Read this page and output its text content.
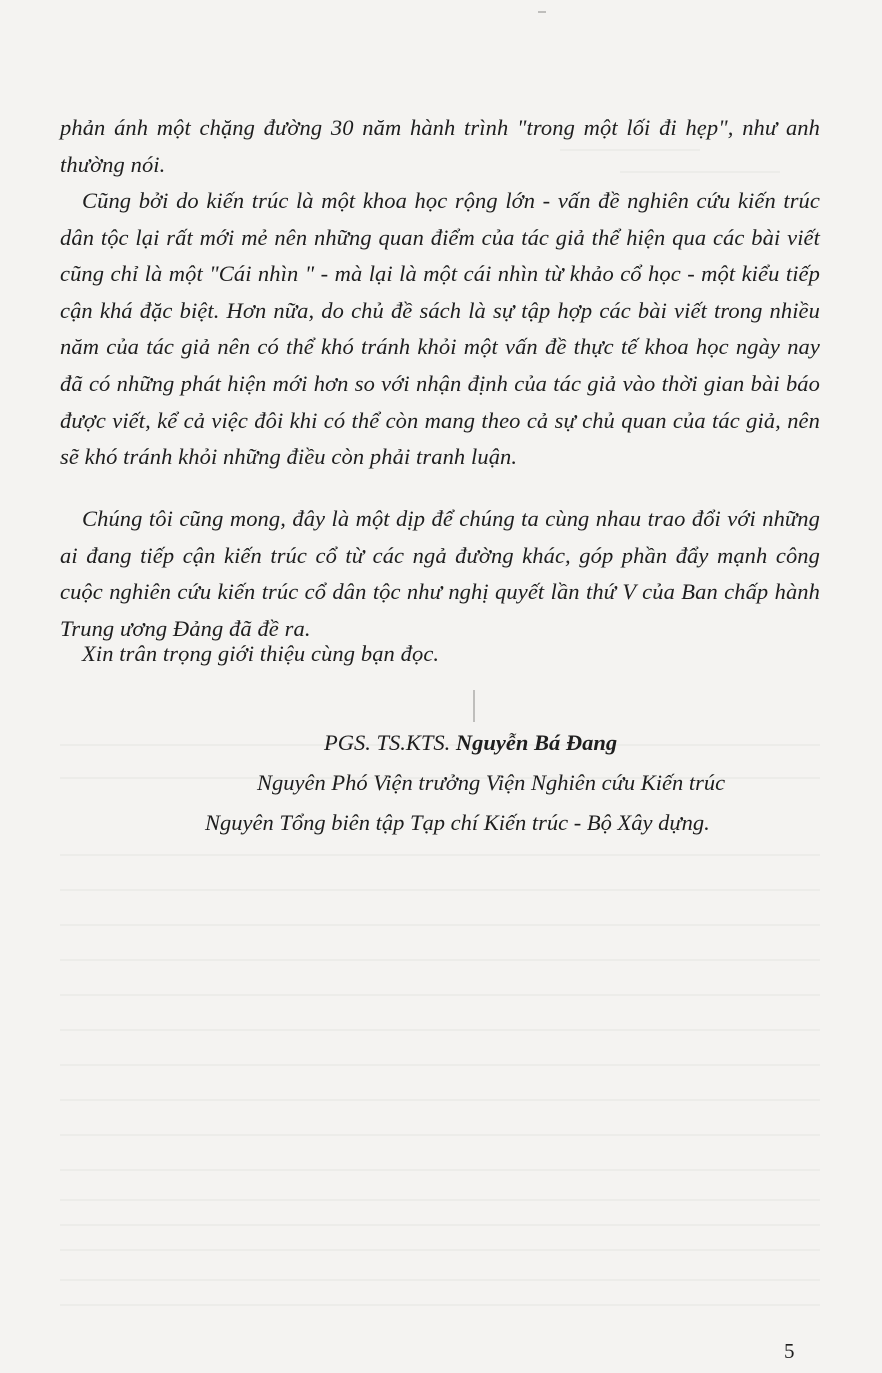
phản ánh một chặng đường 30 năm hành trình "trong một lối đi hẹp", như anh thường nói.

Cũng bởi do kiến trúc là một khoa học rộng lớn - vấn đề nghiên cứu kiến trúc dân tộc lại rất mới mẻ nên những quan điểm của tác giả thể hiện qua các bài viết cũng chỉ là một "Cái nhìn " - mà lại là một cái nhìn từ khảo cổ học - một kiểu tiếp cận khá đặc biệt. Hơn nữa, do chủ đề sách là sự tập hợp các bài viết trong nhiều năm của tác giả nên có thể khó tránh khỏi một vấn đề thực tế khoa học ngày nay đã có những phát hiện mới hơn so với nhận định của tác giả vào thời gian bài báo được viết, kể cả việc đôi khi có thể còn mang theo cả sự chủ quan của tác giả, nên sẽ khó tránh khỏi những điều còn phải tranh luận.

Chúng tôi cũng mong, đây là một dịp để chúng ta cùng nhau trao đổi với những ai đang tiếp cận kiến trúc cổ từ các ngả đường khác, góp phần đẩy mạnh công cuộc nghiên cứu kiến trúc cổ dân tộc như nghị quyết lần thứ V của Ban chấp hành Trung ương Đảng đã đề ra.

Xin trân trọng giới thiệu cùng bạn đọc.

PGS. TS.KTS. Nguyễn Bá Đang
Nguyên Phó Viện trưởng Viện Nghiên cứu Kiến trúc
Nguyên Tổng biên tập Tạp chí Kiến trúc - Bộ Xây dựng.
5
